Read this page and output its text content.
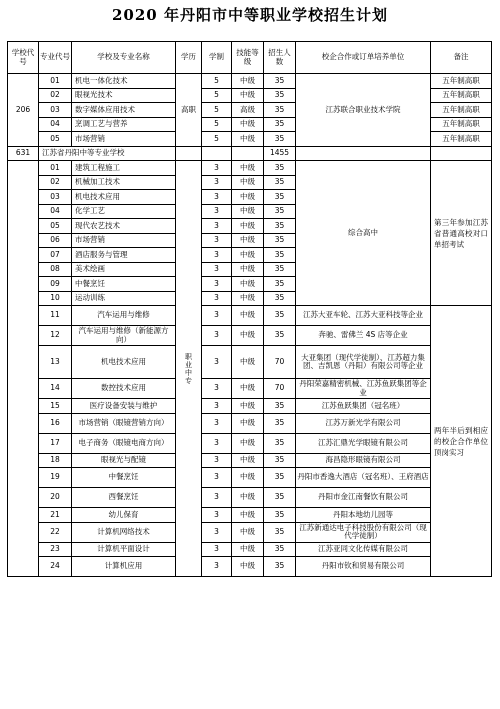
2020 年丹阳市中等职业学校招生计划
学校代号	专业代号	学校及专业名称	学历	学制	技能等级	招生人数	校企合作或订单培养单位	备注
206	01	机电一体化技术	高职	5	中级	35	江苏联合职业技术学院	五年制高职
	02	眼视光技术		5	中级	35		五年制高职
	03	数字媒体应用技术		5	高级	35		五年制高职
	04	烹调工艺与营养		5	中级	35		五年制高职
	05	市场营销		5	中级	35		五年制高职
631	江苏省丹阳中等专业学校					1455		
	01	建筑工程施工	职业中专	3	中级	35	综合高中	第三年参加江苏省普通高校对口单招考试
	02	机械加工技术		3	中级	35		
	03	机电技术应用		3	中级	35		
	04	化学工艺		3	中级	35		
	05	现代农艺技术		3	中级	35		
	06	市场营销		3	中级	35		
	07	酒店服务与管理		3	中级	35		
	08	美术绘画		3	中级	35		
	09	中餐烹饪		3	中级	35		
	10	运动训练		3	中级	35		
	11	汽车运用与维修		3	中级	35	江苏大亚车轮、江苏大亚科技等企业	两年半后到相应的校企合作单位顶岗实习
	12	汽车运用与维修（新能源方向）		3	中级	35	奔驰、雷佛兰 4S 店等企业	
	13	机电技术应用		3	中级	70	大亚集团（现代学徒制）、江苏超力集团、吉凯恩（丹阳）有限公司等企业	
	14	数控技术应用		3	中级	70	丹阳荣嘉精密机械、江苏鱼跃集团等企业	
	15	医疗设备安装与维护		3	中级	35	江苏鱼跃集团（冠名班）	
	16	市场营销（眼镜营销方向）		3	中级	35	江苏万新光学有限公司	
	17	电子商务（眼镜电商方向）		3	中级	35	江苏汇鼎光学眼镜有限公司	
	18	眼视光与配镜		3	中级	35	海昌隐形眼镜有限公司	
	19	中餐烹饪		3	中级	35	丹阳市香逸大酒店（冠名班）、王府酒店	
	20	西餐烹饪		3	中级	35	丹阳市金江南餐饮有限公司	
	21	幼儿保育		3	中级	35	丹阳本地幼儿园等	
	22	计算机网络技术		3	中级	35	江苏新通达电子科技股份有限公司（现代学徒制）	
	23	计算机平面设计		3	中级	35	江苏亚同文化传媒有限公司	
	24	计算机应用		3	中级	35	丹阳市钦和贸易有限公司	
